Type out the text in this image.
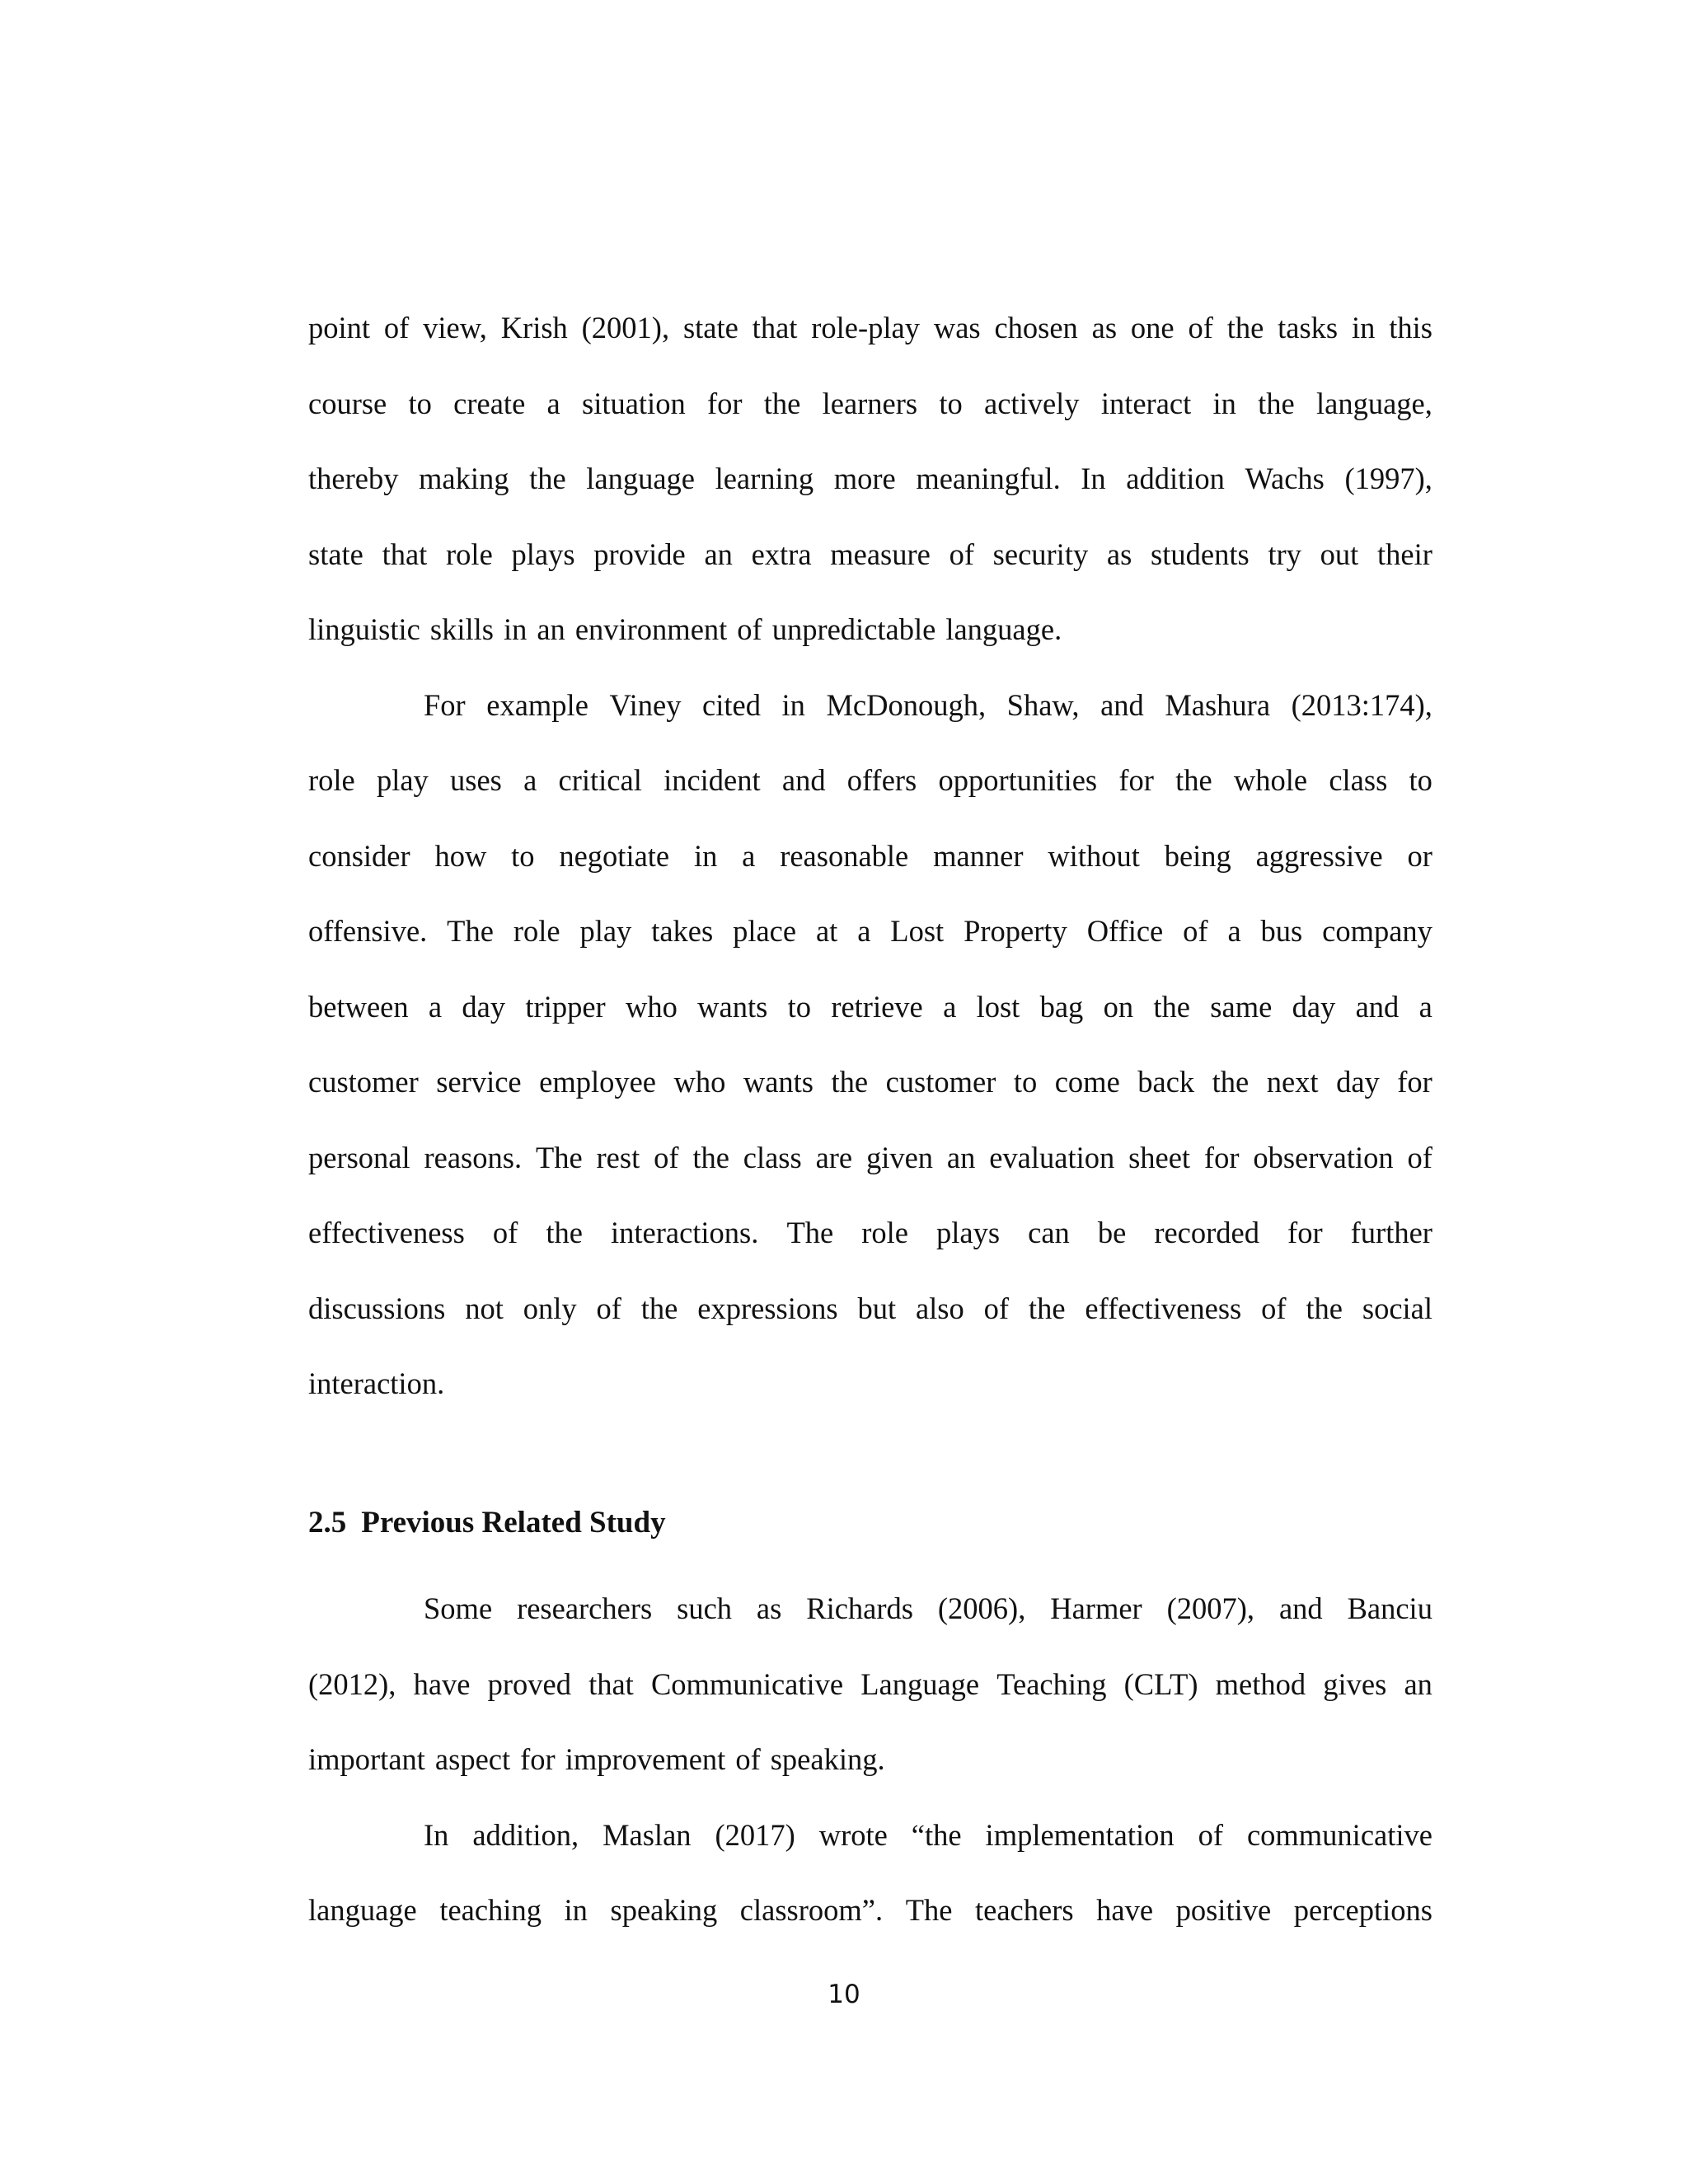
point of view, Krish (2001), state that role-play was chosen as one of the tasks in this
course to create a situation for the learners to actively interact in the language,
thereby making the language learning more meaningful. In addition Wachs (1997),
state that role plays provide an extra measure of security as students try out their
linguistic skills in an environment of unpredictable language.
For example Viney cited in McDonough, Shaw, and Mashura (2013:174),
role play uses a critical incident and offers opportunities for the whole class to
consider how to negotiate in a reasonable manner without being aggressive or
offensive. The role play takes place at a Lost Property Office of a bus company
between a day tripper who wants to retrieve a lost bag on the same day and a
customer service employee who wants the customer to come back the next day for
personal reasons. The rest of the class are given an evaluation sheet for observation of
effectiveness of the interactions. The role plays can be recorded for further
discussions not only of the expressions but also of the effectiveness of the social
interaction.
2.5 Previous Related Study
Some researchers such as Richards (2006), Harmer (2007), and Banciu
(2012), have proved that Communicative Language Teaching (CLT) method gives an
important aspect for improvement of speaking.
In addition, Maslan (2017) wrote “the implementation of communicative
language teaching in speaking classroom”. The teachers have positive perceptions
10
